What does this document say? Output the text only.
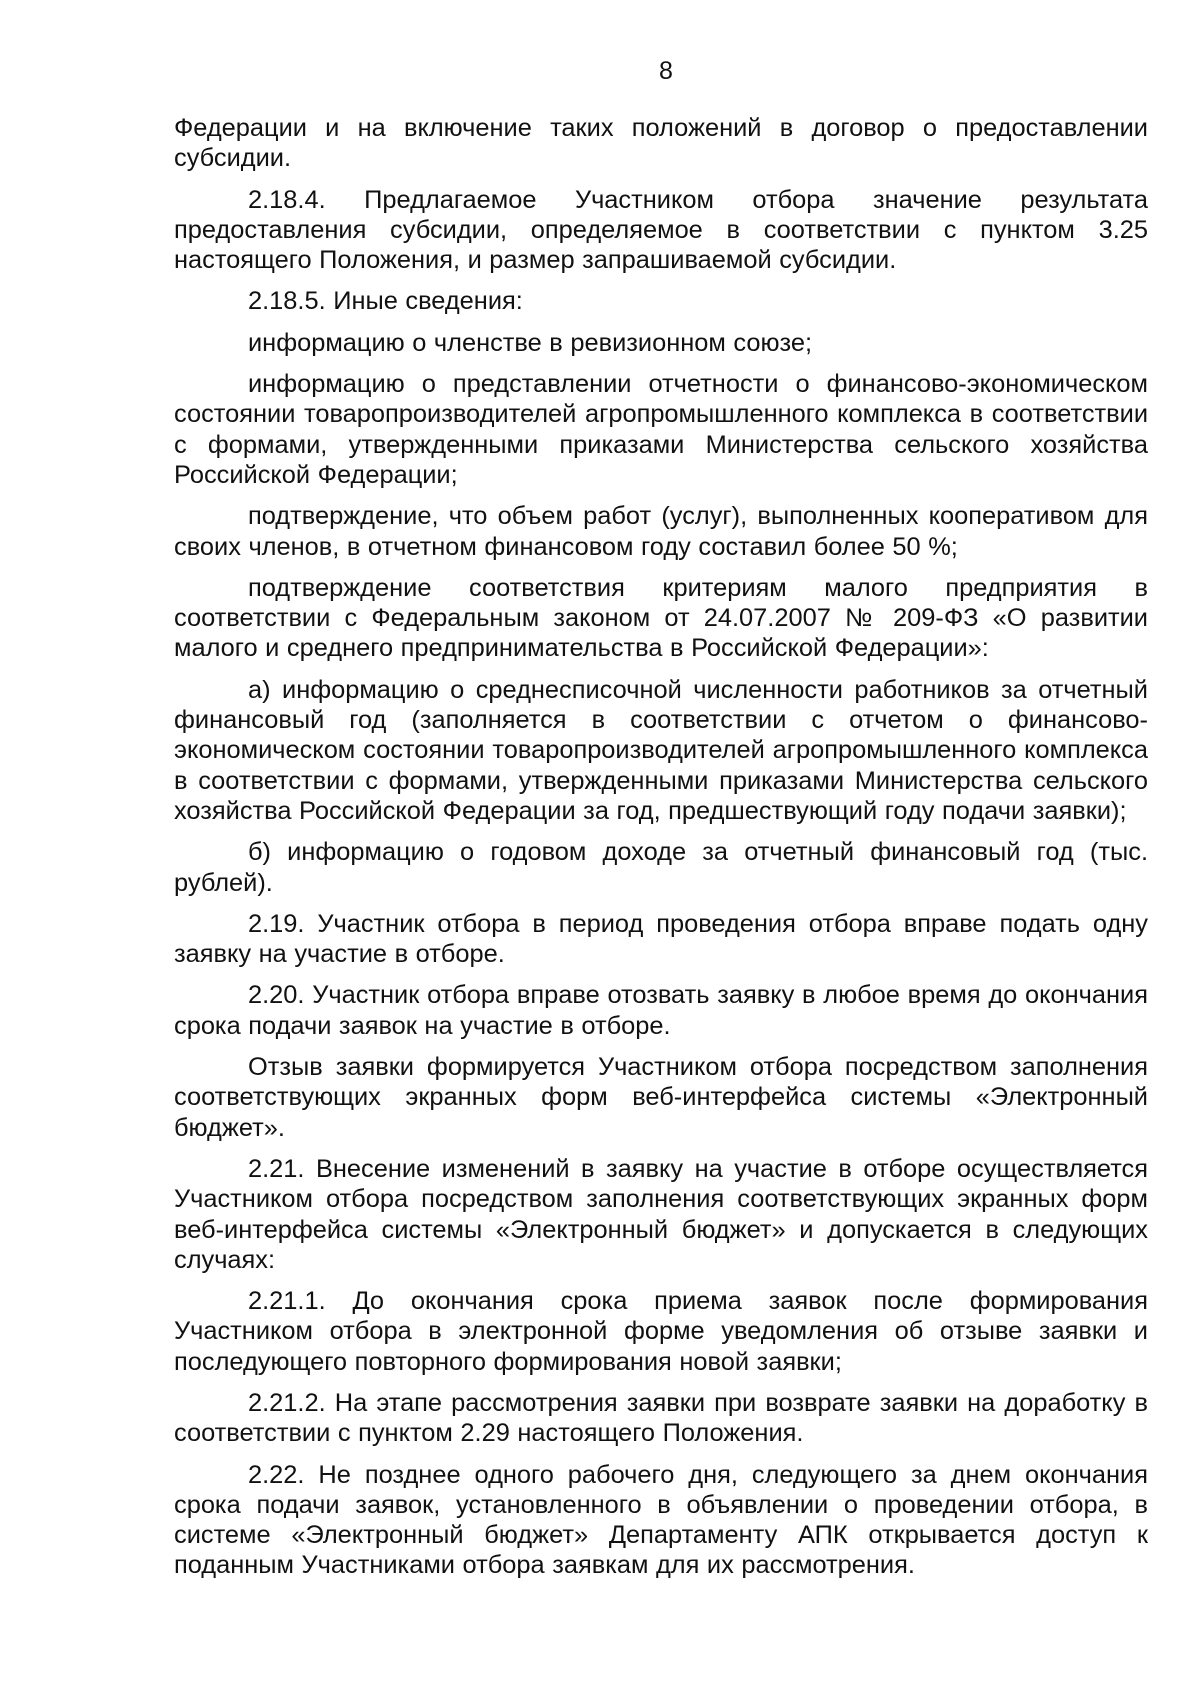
8

Федерации и на включение таких положений в договор о предоставлении субсидии.

2.18.4. Предлагаемое Участником отбора значение результата предоставления субсидии, определяемое в соответствии с пунктом 3.25 настоящего Положения, и размер запрашиваемой субсидии.

2.18.5. Иные сведения:

информацию о членстве в ревизионном союзе;

информацию о представлении отчетности о финансово-экономическом состоянии товаропроизводителей агропромышленного комплекса в соответствии с формами, утвержденными приказами Министерства сельского хозяйства Российской Федерации;

подтверждение, что объем работ (услуг), выполненных кооперативом для своих членов, в отчетном финансовом году составил более 50 %;

подтверждение соответствия критериям малого предприятия в соответствии с Федеральным законом от 24.07.2007 № 209-ФЗ «О развитии малого и среднего предпринимательства в Российской Федерации»:

а) информацию о среднесписочной численности работников за отчетный финансовый год (заполняется в соответствии с отчетом о финансово-экономическом состоянии товаропроизводителей агропромышленного комплекса в соответствии с формами, утвержденными приказами Министерства сельского хозяйства Российской Федерации за год, предшествующий году подачи заявки);

б) информацию о годовом доходе за отчетный финансовый год (тыс. рублей).

2.19. Участник отбора в период проведения отбора вправе подать одну заявку на участие в отборе.

2.20. Участник отбора вправе отозвать заявку в любое время до окончания срока подачи заявок на участие в отборе.

Отзыв заявки формируется Участником отбора посредством заполнения соответствующих экранных форм веб-интерфейса системы «Электронный бюджет».

2.21. Внесение изменений в заявку на участие в отборе осуществляется Участником отбора посредством заполнения соответствующих экранных форм веб-интерфейса системы «Электронный бюджет» и допускается в следующих случаях:

2.21.1. До окончания срока приема заявок после формирования Участником отбора в электронной форме уведомления об отзыве заявки и последующего повторного формирования новой заявки;

2.21.2. На этапе рассмотрения заявки при возврате заявки на доработку в соответствии с пунктом 2.29 настоящего Положения.

2.22. Не позднее одного рабочего дня, следующего за днем окончания срока подачи заявок, установленного в объявлении о проведении отбора, в системе «Электронный бюджет» Департаменту АПК открывается доступ к поданным Участниками отбора заявкам для их рассмотрения.
